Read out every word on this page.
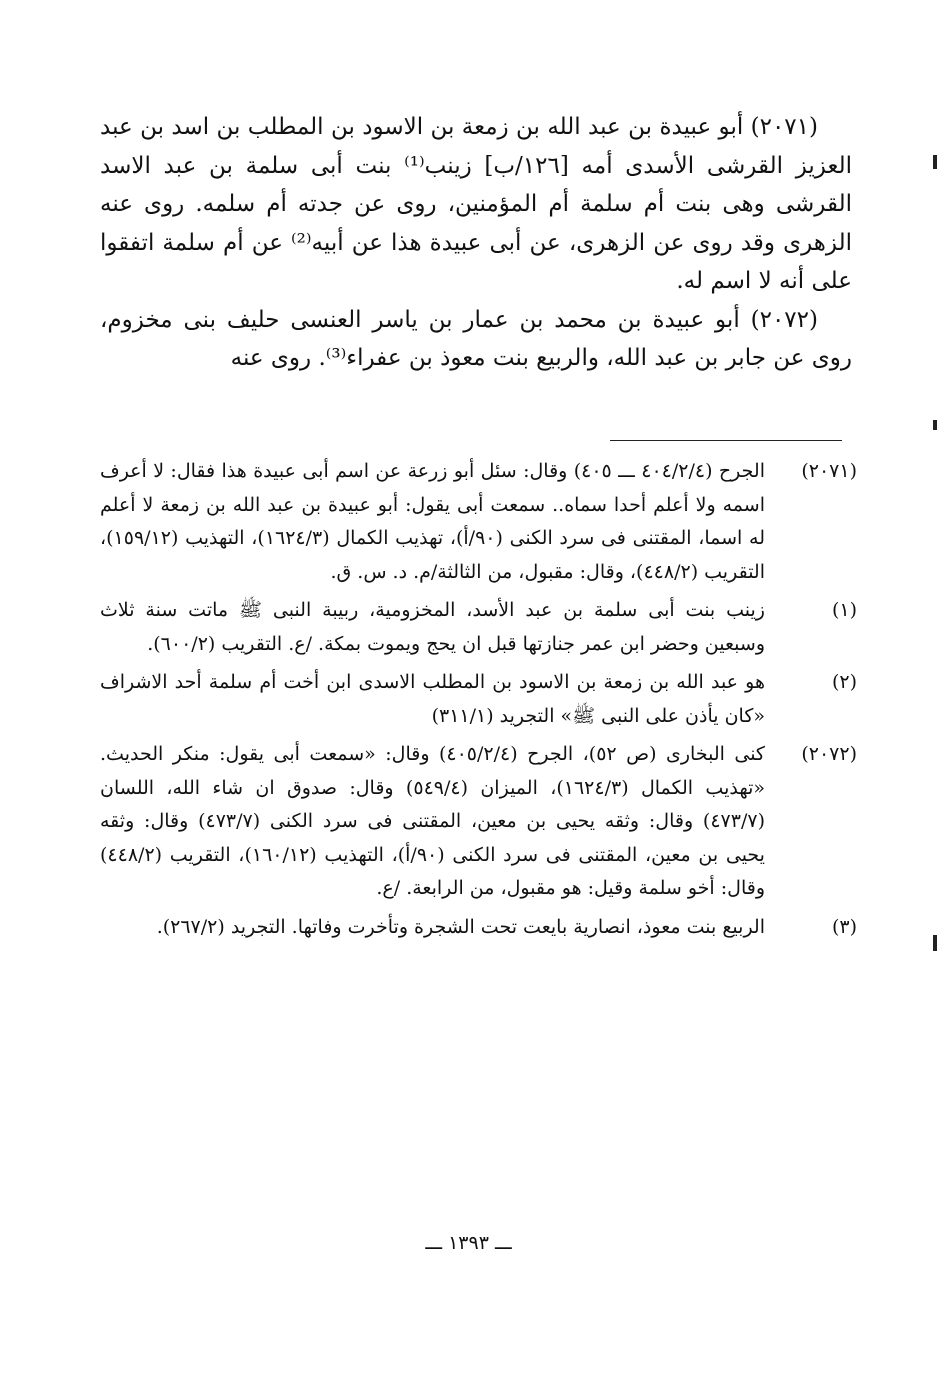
(٢٠٧١) أبو عبيدة بن عبد الله بن زمعة بن الاسود بن المطلب بن اسد بن عبد العزيز القرشى الأسدى أمه [١٢٦/ب] زينب⁽¹⁾ بنت أبى سلمة بن عبد الاسد القرشى وهى بنت أم سلمة أم المؤمنين، روى عن جدته أم سلمه. روى عنه الزهرى وقد روى عن الزهرى، عن أبى عبيدة هذا عن أبيه⁽²⁾ عن أم سلمة اتفقوا على أنه لا اسم له.

(٢٠٧٢) أبو عبيدة بن محمد بن عمار بن ياسر العنسى حليف بنى مخزوم، روى عن جابر بن عبد الله، والربيع بنت معوذ بن عفراء⁽³⁾. روى عنه

(٢٠٧١)
الجرح (٤٠٤/٢/٤ ـــ ٤٠٥) وقال: سئل أبو زرعة عن اسم أبى عبيدة هذا فقال: لا أعرف اسمه ولا أعلم أحدا سماه.. سمعت أبى يقول: أبو عبيدة بن عبد الله بن زمعة لا أعلم له اسما، المقتنى فى سرد الكنى (٩٠/أ)، تهذيب الكمال (١٦٢٤/٣)، التهذيب (١٥٩/١٢)، التقريب (٤٤٨/٢)، وقال: مقبول، من الثالثة/م. د. س. ق.
(١)
زينب بنت أبى سلمة بن عبد الأسد، المخزومية، ربيبة النبى ﷺ ماتت سنة ثلاث وسبعين وحضر ابن عمر جنازتها قبل ان يحج ويموت بمكة. /ع. التقريب (٦٠٠/٢).
(٢)
هو عبد الله بن زمعة بن الاسود بن المطلب الاسدى ابن أخت أم سلمة أحد الاشراف «كان يأذن على النبى ﷺ» التجريد (٣١١/١)
(٢٠٧٢)
كنى البخارى (ص ٥٢)، الجرح (٤٠٥/٢/٤) وقال: «سمعت أبى يقول: منكر الحديث. «تهذيب الكمال (١٦٢٤/٣)، الميزان (٥٤٩/٤) وقال: صدوق ان شاء الله، اللسان (٤٧٣/٧) وقال: وثقه يحيى بن معين، المقتنى فى سرد الكنى (٤٧٣/٧) وقال: وثقه يحيى بن معين، المقتنى فى سرد الكنى (٩٠/أ)، التهذيب (١٦٠/١٢)، التقريب (٤٤٨/٢) وقال: أخو سلمة وقيل: هو مقبول، من الرابعة. /ع.
(٣)
الربيع بنت معوذ، انصارية بايعت تحت الشجرة وتأخرت وفاتها. التجريد (٢٦٧/٢).
ـــ ١٣٩٣ ـــ
